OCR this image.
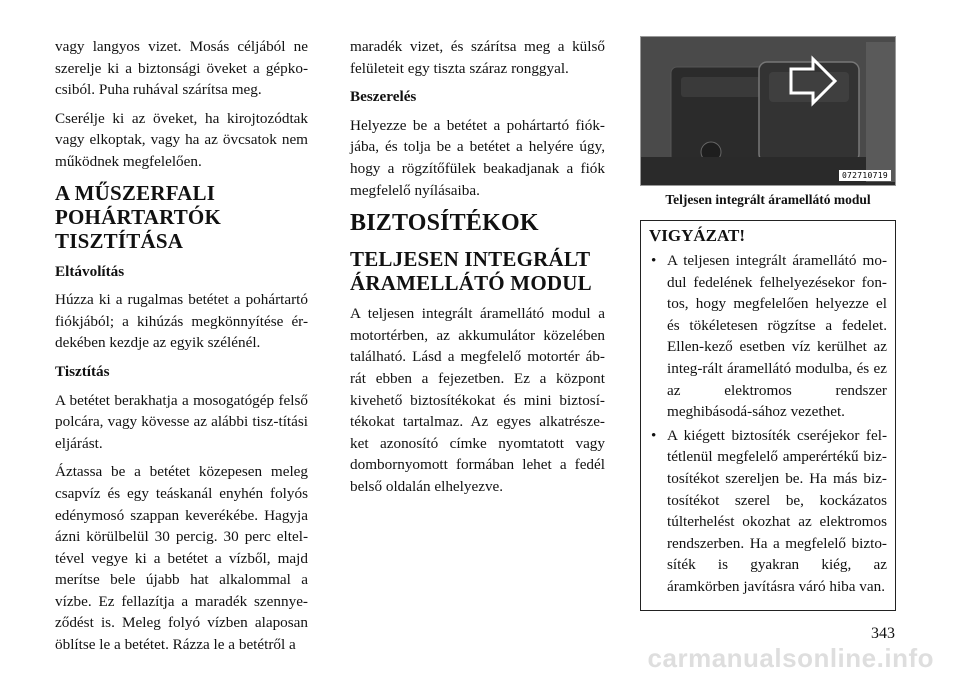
vagy langyos vizet. Mosás céljából ne szerelje ki a biztonsági öveket a gépko-csiból. Puha ruhával szárítsa meg.

Cserélje ki az öveket, ha kirojtozódtak vagy elkoptak, vagy ha az övcsatok nem működnek megfelelően.

A MŰSZERFALI POHÁRTARTÓK TISZTÍTÁSA

Eltávolítás

Húzza ki a rugalmas betétet a pohártartó fiókjából; a kihúzás megkönnyítése ér-dekében kezdje az egyik szélénél.

Tisztítás

A betétet berakhatja a mosogatógép felső polcára, vagy kövesse az alábbi tisz-títási eljárást.

Áztassa be a betétet közepesen meleg csapvíz és egy teáskanál enyhén folyós edénymosó szappan keverékébe. Hagyja ázni körülbelül 30 percig. 30 perc eltel-tével vegye ki a betétet a vízből, majd merítse bele újabb hat alkalommal a vízbe. Ez fellazítja a maradék szennye-ződést is. Meleg folyó vízben alaposan öblítse le a betétet. Rázza le a betétről a

maradék vizet, és szárítsa meg a külső felületeit egy tiszta száraz ronggyal.

Beszerelés

Helyezze be a betétet a pohártartó fiók-jába, és tolja be a betétet a helyére úgy, hogy a rögzítőfülek beakadjanak a fiók megfelelő nyílásaiba.

BIZTOSÍTÉKOK
TELJESEN INTEGRÁLT ÁRAMELLÁTÓ MODUL

A teljesen integrált áramellátó modul a motortérben, az akkumulátor közelében található. Lásd a megfelelő motortér áb-rát ebben a fejezetben. Ez a központ kivehető biztosítékokat és mini biztosí-tékokat tartalmaz. Az egyes alkatrésze-ket azonosító címke nyomtatott vagy dombornyomott formában lehet a fedél belső oldalán elhelyezve.

072710719
Teljesen integrált áramellátó modul
VIGYÁZAT!
• A teljesen integrált áramellátó mo-dul fedelének felhelyezésekor fon-tos, hogy megfelelően helyezze el és tökéletesen rögzítse a fedelet. Ellen-kező esetben víz kerülhet az integ-rált áramellátó modulba, és ez az elektromos rendszer meghibásodá-sához vezethet.
• A kiégett biztosíték cseréjekor fel-tétlenül megfelelő amperértékű biz-tosítékot szereljen be. Ha más biz-tosítékot szerel be, kockázatos túlterhelést okozhat az elektromos rendszerben. Ha a megfelelő bizto-síték is gyakran kiég, az áramkörben javításra váró hiba van.
343
carmanualsonline.info
